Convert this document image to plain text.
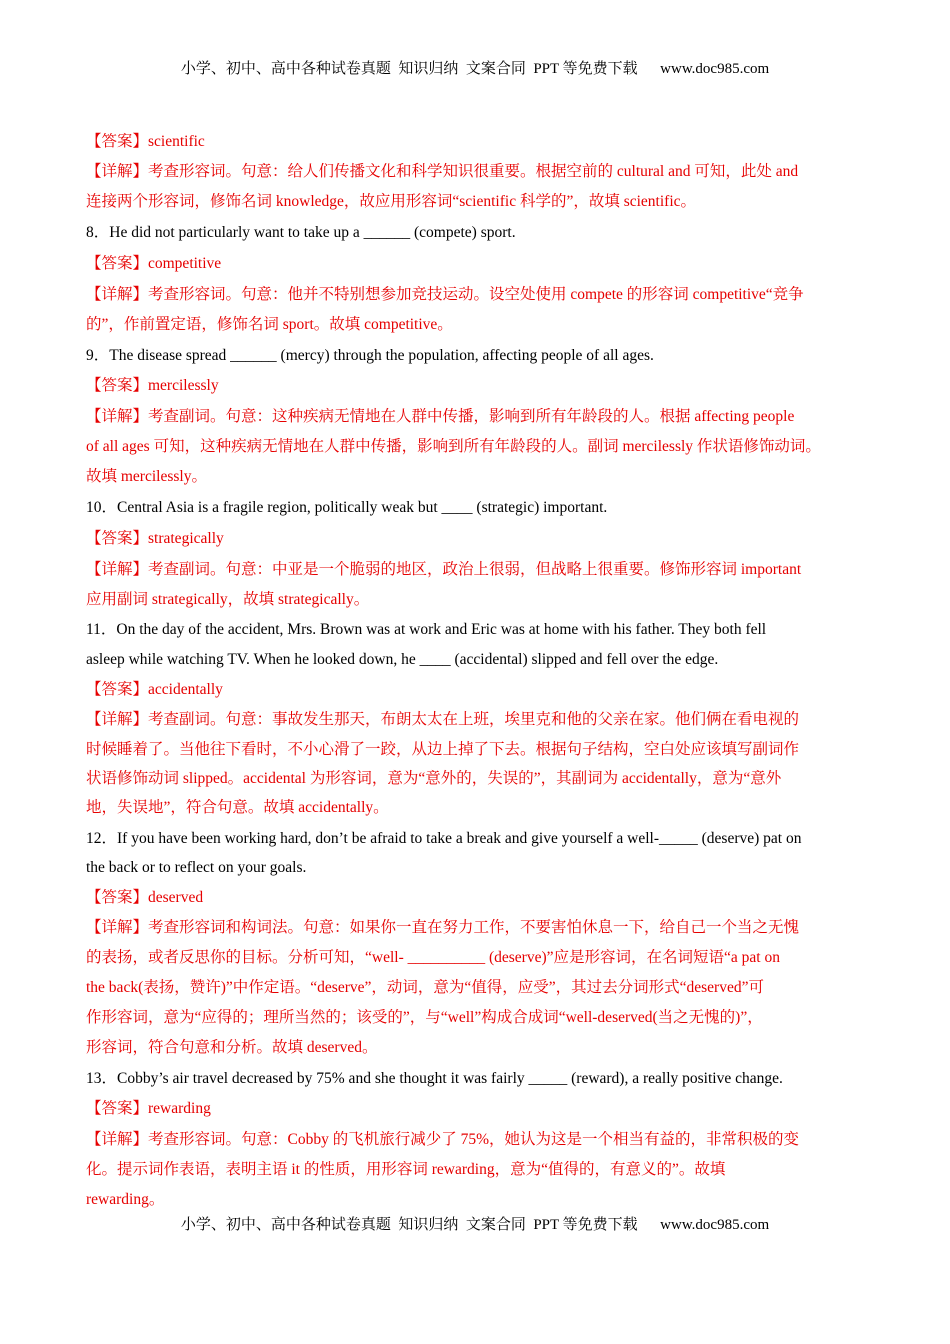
小学、初中、高中各种试卷真题  知识归纳  文案合同  PPT 等免费下载      www.doc985.com
【答案】scientific
【详解】考查形容词。句意：给人们传播文化和科学知识很重要。根据空前的 cultural and 可知，此处 and
连接两个形容词，修饰名词 knowledge，故应用形容词“scientific 科学的”，故填 scientific。
8．He did not particularly want to take up a ______ (compete) sport.
【答案】competitive
【详解】考查形容词。句意：他并不特别想参加竞技运动。设空处使用 compete 的形容词 competitive“竞争
的”，作前置定语，修饰名词 sport。故填 competitive。
9．The disease spread ______ (mercy) through the population, affecting people of all ages.
【答案】mercilessly
【详解】考查副词。句意：这种疾病无情地在人群中传播，影响到所有年龄段的人。根据 affecting people
of all ages 可知，这种疾病无情地在人群中传播，影响到所有年龄段的人。副词 mercilessly 作状语修饰动词。
故填 mercilessly。
10．Central Asia is a fragile region, politically weak but ____ (strategic) important.
【答案】strategically
【详解】考查副词。句意：中亚是一个脆弱的地区，政治上很弱，但战略上很重要。修饰形容词 important
应用副词 strategically，故填 strategically。
11．On the day of the accident, Mrs. Brown was at work and Eric was at home with his father. They both fell
asleep while watching TV. When he looked down, he ____ (accidental) slipped and fell over the edge.
【答案】accidentally
【详解】考查副词。句意：事故发生那天，布朗太太在上班，埃里克和他的父亲在家。他们俩在看电视的
时候睡着了。当他往下看时，不小心滑了一跤，从边上掉了下去。根据句子结构，空白处应该填写副词作
状语修饰动词 slipped。accidental 为形容词，意为“意外的，失误的”，其副词为 accidentally，意为“意外
地，失误地”，符合句意。故填 accidentally。
12．If you have been working hard, don’t be afraid to take a break and give yourself a well-_____ (deserve) pat on
the back or to reflect on your goals.
【答案】deserved
【详解】考查形容词和构词法。句意：如果你一直在努力工作，不要害怕休息一下，给自己一个当之无愧
的表扬，或者反思你的目标。分析可知，“well- __________ (deserve)”应是形容词，在名词短语“a pat on
the back(表扬，赞许)”中作定语。“deserve”，动词，意为“值得，应受”，其过去分词形式“deserved”可
作形容词，意为“应得的；理所当然的；该受的”，与“well”构成合成词“well-deserved(当之无愧的)”，
形容词，符合句意和分析。故填 deserved。
13．Cobby’s air travel decreased by 75% and she thought it was fairly _____ (reward), a really positive change.
【答案】rewarding
【详解】考查形容词。句意：Cobby 的飞机旅行减少了 75%，她认为这是一个相当有益的，非常积极的变
化。提示词作表语，表明主语 it 的性质，用形容词 rewarding，意为“值得的，有意义的”。故填
rewarding。
小学、初中、高中各种试卷真题  知识归纳  文案合同  PPT 等免费下载      www.doc985.com
